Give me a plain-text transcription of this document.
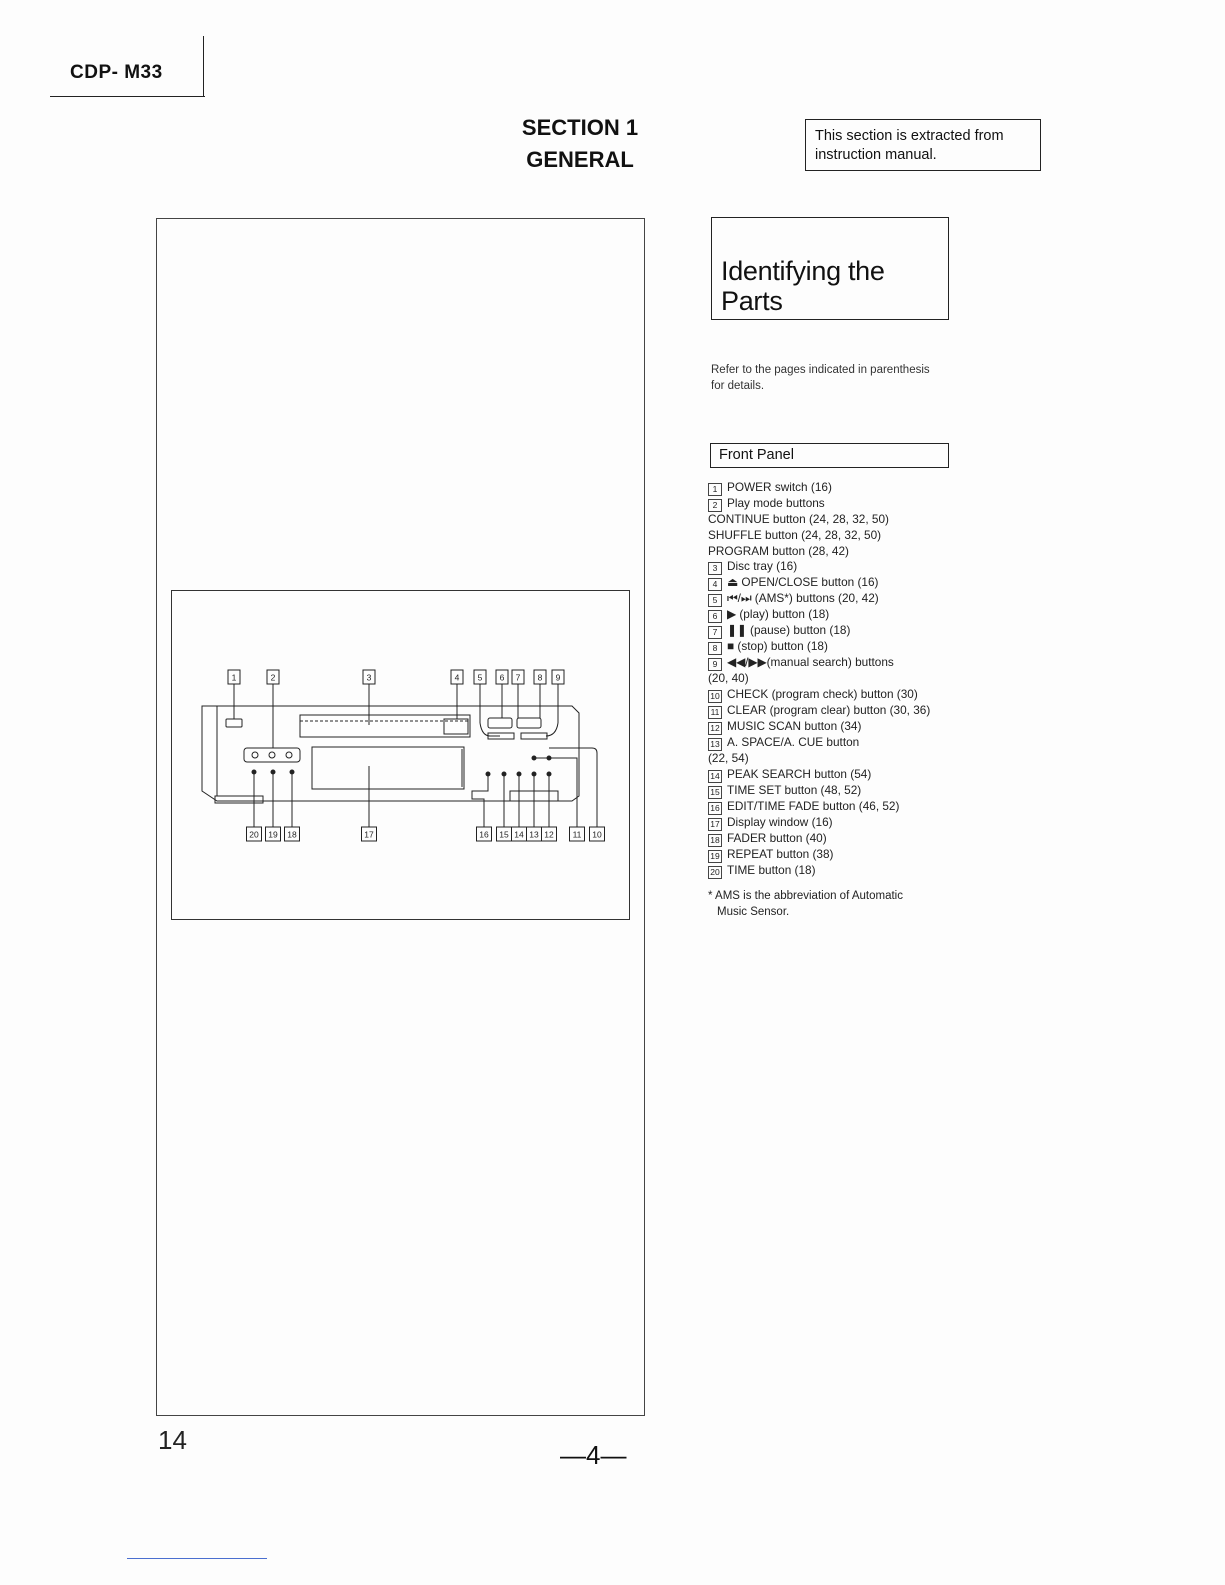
CDP- M33
SECTION 1
GENERAL
This section is extracted from
instruction manual.
1	2	3	4 5 6 7 8 9
20 19 18	17	16 15 14 13 12 11 10
Identifying the
Parts
Refer to the pages indicated in parenthesis
for details.
Front Panel
1 POWER switch (16)
2 Play mode buttons
CONTINUE button (24, 28, 32, 50)
SHUFFLE button (24, 28, 32, 50)
PROGRAM button (28, 42)
3 Disc tray (16)
4 ⏏ OPEN/CLOSE button (16)
5 ⏮/⏭ (AMS*) buttons (20, 42)
6 ▶ (play) button (18)
7 ❚❚ (pause) button (18)
8 ■ (stop) button (18)
9 ◀◀/▶▶(manual search) buttons
(20, 40)
10 CHECK (program check) button (30)
11 CLEAR (program clear) button (30, 36)
12 MUSIC SCAN button (34)
13 A. SPACE/A. CUE button
(22, 54)
14 PEAK SEARCH button (54)
15 TIME SET button (48, 52)
16 EDIT/TIME FADE button (46, 52)
17 Display window (16)
18 FADER button (40)
19 REPEAT button (38)
20 TIME button (18)
* AMS is the abbreviation of Automatic
Music Sensor.
14	—4—
